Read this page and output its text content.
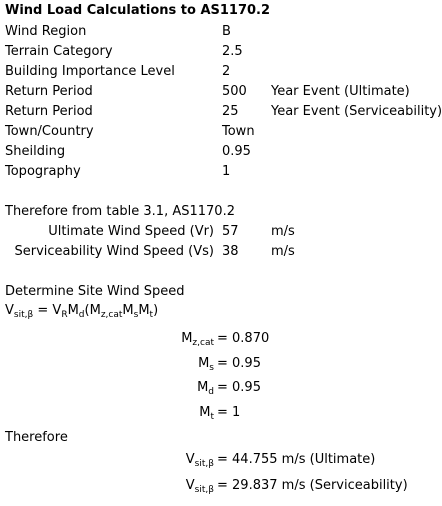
Wind Load Calculations to AS1170.2
Wind Region	B
Terrain Category	2.5
Building Importance Level	2
Return Period	500 Year Event (Ultimate)
Return Period	25 Year Event (Serviceability)
Town/Country	Town
Sheilding	0.95
Topography	1
Therefore from table 3.1, AS1170.2
Ultimate Wind Speed (Vr) 57 m/s
Serviceability Wind Speed (Vs) 38 m/s
Determine Site Wind Speed
$V_{sit,\beta} = V_RM_d(M_{z,cat}M_sM_t)$
$M_{z,cat} = 0.870$
$M_s = 0.95$
$M_d = 0.95$
$M_t = 1$
Therefore
$V_{sit,\beta} = 44.755$ m/s (Ultimate)
$V_{sit,\beta} = 29.837$ m/s (Serviceability)
